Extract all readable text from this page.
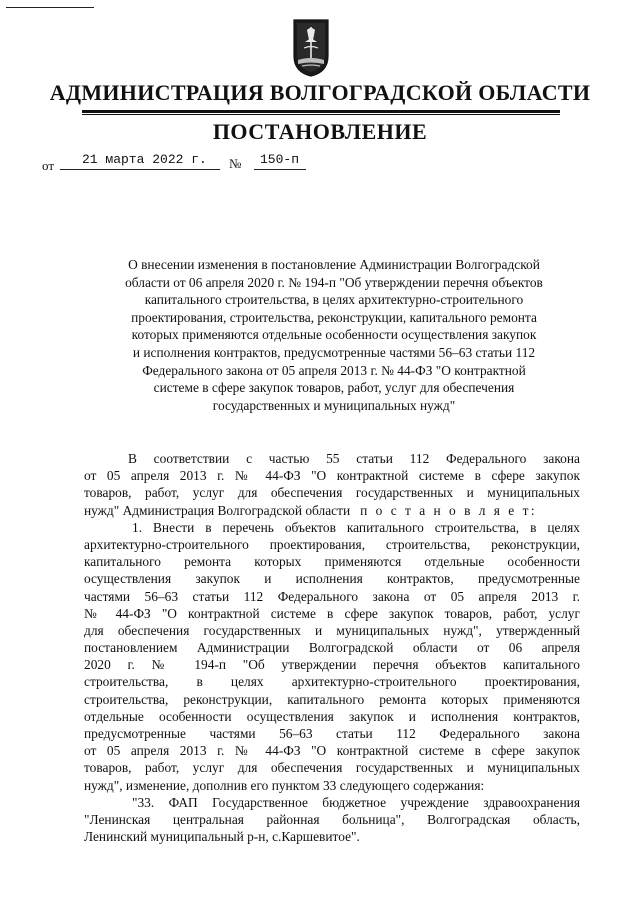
АДМИНИСТРАЦИЯ ВОЛГОГРАДСКОЙ ОБЛАСТИ
ПОСТАНОВЛЕНИЕ
от	21 марта 2022 г.	№	150-п
О внесении изменения в постановление Администрации Волгоградской
области от 06 апреля 2020 г. № 194-п "Об утверждении перечня объектов
капитального строительства, в целях архитектурно-строительного
проектирования, строительства, реконструкции, капитального ремонта
которых применяются отдельные особенности осуществления закупок
и исполнения контрактов, предусмотренные частями 56–63 статьи 112
Федерального закона от 05 апреля 2013 г. № 44-ФЗ "О контрактной
системе в сфере закупок товаров, работ, услуг для обеспечения
государственных и муниципальных нужд"
В соответствии с частью 55 статьи 112 Федерального закона
от 05 апреля 2013 г. № 44-ФЗ "О контрактной системе в сфере закупок
товаров, работ, услуг для обеспечения государственных и муниципальных
нужд" Администрация Волгоградской области п о с т а н о в л я е т:
1. Внести в перечень объектов капитального строительства, в целях
архитектурно-строительного проектирования, строительства, реконструкции,
капитального ремонта которых применяются отдельные особенности
осуществления закупок и исполнения контрактов, предусмотренные
частями 56–63 статьи 112 Федерального закона от 05 апреля 2013 г.
№ 44-ФЗ "О контрактной системе в сфере закупок товаров, работ, услуг
для обеспечения государственных и муниципальных нужд", утвержденный
постановлением Администрации Волгоградской области от 06 апреля
2020 г. № 194-п "Об утверждении перечня объектов капитального
строительства, в целях архитектурно-строительного проектирования,
строительства, реконструкции, капитального ремонта которых применяются
отдельные особенности осуществления закупок и исполнения контрактов,
предусмотренные частями 56–63 статьи 112 Федерального закона
от 05 апреля 2013 г. № 44-ФЗ "О контрактной системе в сфере закупок
товаров, работ, услуг для обеспечения государственных и муниципальных
нужд", изменение, дополнив его пунктом 33 следующего содержания:
"33. ФАП Государственное бюджетное учреждение здравоохранения
"Ленинская центральная районная больница", Волгоградская область,
Ленинский муниципальный р-н, с.Каршевитое".
